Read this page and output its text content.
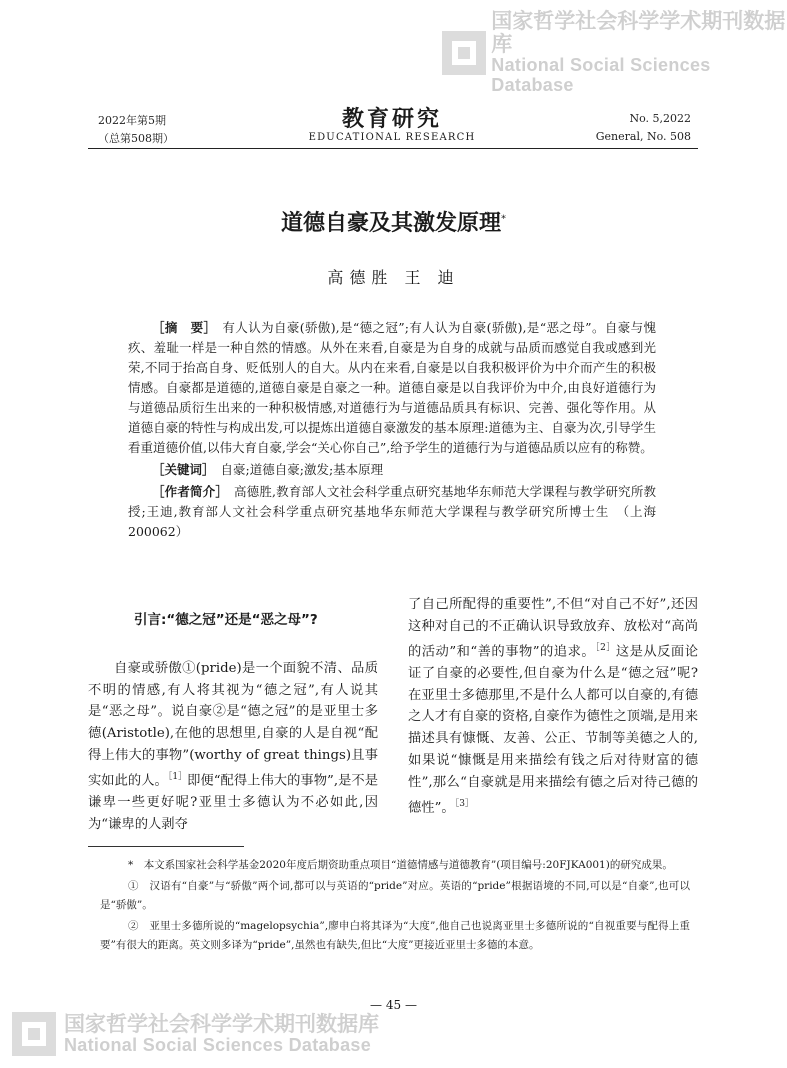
国家哲学社会科学学术期刊数据库
National Social Sciences Database
2022年第5期
（总第508期）
教育研究
EDUCATIONAL RESEARCH
No. 5,2022
General, No. 508
道德自豪及其激发原理*
高德胜 王 迪

［摘　要］ 有人认为自豪(骄傲),是“德之冠”;有人认为自豪(骄傲),是“恶之母”。自豪与愧疚、羞耻一样是一种自然的情感。从外在来看,自豪是为自身的成就与品质而感觉自我或感到光荣,不同于抬高自身、贬低别人的自大。从内在来看,自豪是以自我积极评价为中介而产生的积极情感。自豪都是道德的,道德自豪是自豪之一种。道德自豪是以自我评价为中介,由良好道德行为与道德品质衍生出来的一种积极情感,对道德行为与道德品质具有标识、完善、强化等作用。从道德自豪的特性与构成出发,可以提炼出道德自豪激发的基本原理:道德为主、自豪为次,引导学生看重道德价值,以伟大育自豪,学会“关心你自己”,给予学生的道德行为与道德品质以应有的称赞。

［关键词］ 自豪;道德自豪;激发;基本原理

［作者简介］ 高德胜,教育部人文社会科学重点研究基地华东师范大学课程与教学研究所教授;王迪,教育部人文社会科学重点研究基地华东师范大学课程与教学研究所博士生　（上海　200062）

引言:“德之冠”还是“恶之母”?

自豪或骄傲①(pride)是一个面貌不清、品质不明的情感,有人将其视为“德之冠”,有人说其是“恶之母”。说自豪②是“德之冠”的是亚里士多德(Aristotle),在他的思想里,自豪的人是自视“配得上伟大的事物”(worthy of great things)且事实如此的人。$^{[1]}$即便“配得上伟大的事物”,是不是谦卑一些更好呢?亚里士多德认为不必如此,因为“谦卑的人剥夺

了自己所配得的重要性”,不但“对自己不好”,还因这种对自己的不正确认识导致放弃、放松对“高尚的活动”和“善的事物”的追求。$^{[2]}$这是从反面论证了自豪的必要性,但自豪为什么是“德之冠”呢?在亚里士多德那里,不是什么人都可以自豪的,有德之人才有自豪的资格,自豪作为德性之顶端,是用来描述具有慷慨、友善、公正、节制等美德之人的,如果说“慷慨是用来描绘有钱之后对待财富的德性”,那么“自豪就是用来描绘有德之后对待己德的德性”。$^{[3]}$

*　本文系国家社会科学基金2020年度后期资助重点项目“道德情感与道德教育”(项目编号:20FJKA001)的研究成果。

①　汉语有“自豪”与“骄傲”两个词,都可以与英语的“pride”对应。英语的“pride”根据语境的不同,可以是“自豪”,也可以是“骄傲”。

②　亚里士多德所说的“magelopsychia”,廖申白将其译为“大度”,他自己也说离亚里士多德所说的“自视重要与配得上重要”有很大的距离。英文则多译为“pride”,虽然也有缺失,但比“大度”更接近亚里士多德的本意。

— 45 —
国家哲学社会科学学术期刊数据库
National Social Sciences Database
